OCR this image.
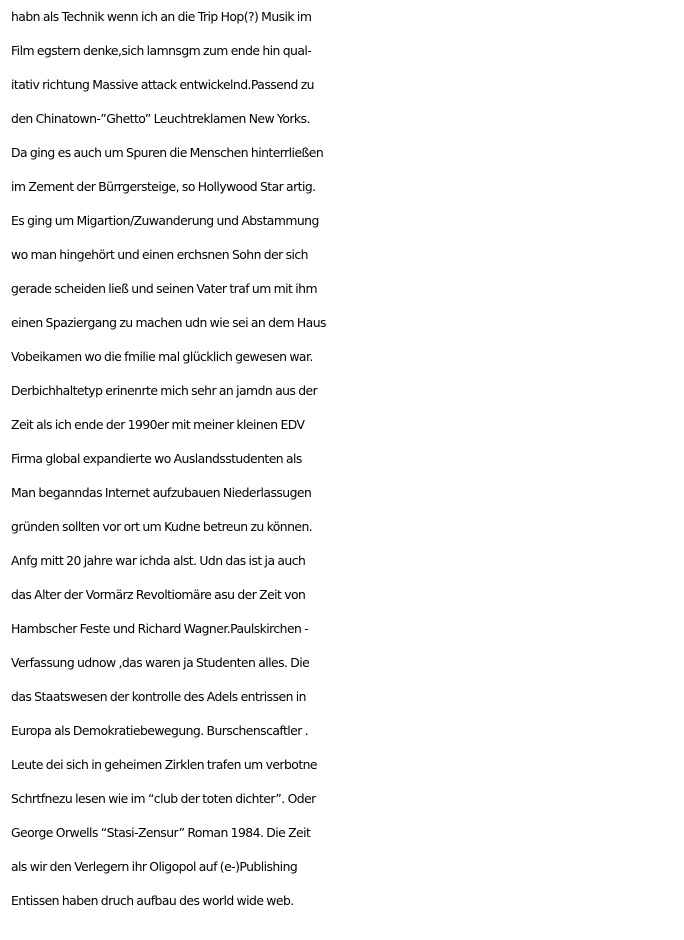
habn als Technik wenn ich an die Trip Hop(?) Musik im
Film egstern denke,sich lamnsgm zum ende hin qual-
itativ richtung Massive attack entwickelnd.Passend zu
den Chinatown-”Ghetto” Leuchtreklamen New Yorks.
Da ging es auch um Spuren die Menschen hinterrließen
im Zement der Bürrgersteige, so Hollywood Star artig.
Es ging um Migartion/Zuwanderung und Abstammung
wo man hingehört und einen erchsnen Sohn der sich
gerade scheiden ließ und seinen Vater traf um mit ihm
einen Spaziergang zu machen udn wie sei an dem Haus
Vobeikamen wo die fmilie mal glücklich gewesen war.
Derbichhaltetyp erinenrte mich sehr an jamdn aus der
Zeit als ich ende der 1990er mit meiner kleinen EDV
Firma global expandierte wo Auslandsstudenten als
Man beganndas Internet aufzubauen Niederlassugen
gründen sollten vor ort um Kudne betreun zu können.
Anfg mitt 20 jahre war ichda alst. Udn das ist ja auch
das Alter der Vormärz Revoltiomäre asu der Zeit von
Hambscher Feste und Richard Wagner.Paulskirchen -
Verfassung udnow ,das waren ja Studenten alles. Die
das Staatswesen der kontrolle des Adels entrissen in
Europa als Demokratiebewegung. Burschenscaftler .
Leute dei sich in geheimen Zirklen trafen um verbotne
Schrtfnezu lesen wie im “club der toten dichter”. Oder
George Orwells “Stasi-Zensur” Roman 1984. Die Zeit
als wir den Verlegern ihr Oligopol auf (e-)Publishing
Entissen haben druch aufbau des world wide web.
